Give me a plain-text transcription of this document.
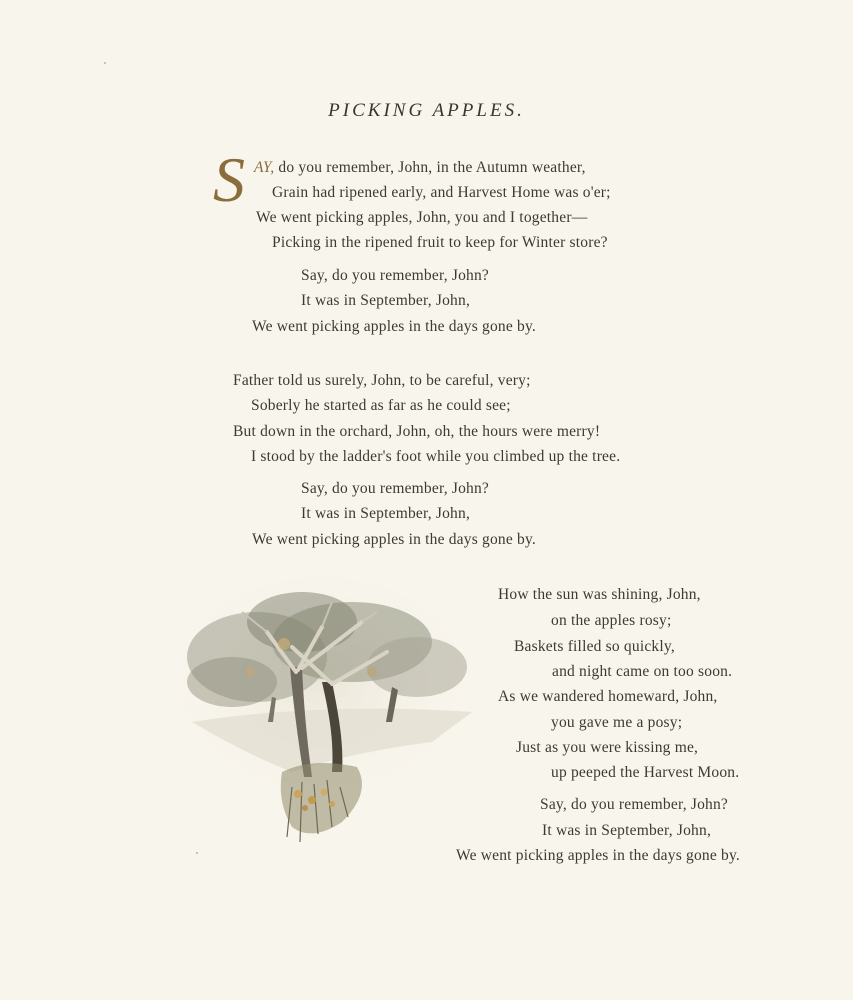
PICKING APPLES.
S AY, do you remember, John, in the Autumn weather,
Grain had ripened early, and Harvest Home was o'er;
We went picking apples, John, you and I together—
Picking in the ripened fruit to keep for Winter store?
Say, do you remember, John?
It was in September, John,
We went picking apples in the days gone by.
Father told us surely, John, to be careful, very;
Soberly he started as far as he could see;
But down in the orchard, John, oh, the hours were merry!
I stood by the ladder's foot while you climbed up the tree.
Say, do you remember, John?
It was in September, John,
We went picking apples in the days gone by.
How the sun was shining, John,
on the apples rosy;
Baskets filled so quickly,
and night came on too soon.
As we wandered homeward, John,
you gave me a posy;
Just as you were kissing me,
up peeped the Harvest Moon.
Say, do you remember, John?
It was in September, John,
We went picking apples in the days gone by.
